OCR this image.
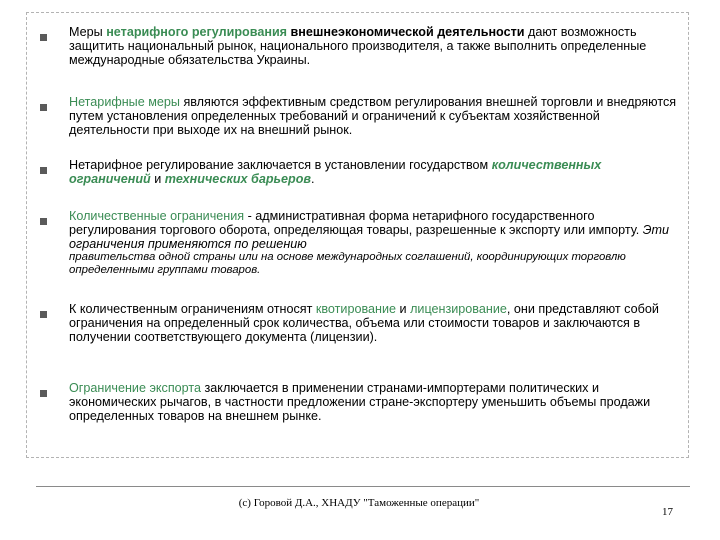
Меры нетарифного регулирования внешнеэкономической деятельности дают возможность защитить национальный рынок, национального производителя, а также выполнить определенные международные обязательства Украины.
Нетарифные меры являются эффективным средством регулирования внешней торговли и внедряются путем установления определенных требований и ограничений к субъектам хозяйственной деятельности при выходе их на внешний рынок.
Нетарифное регулирование заключается в установлении государством количественных ограничений и технических барьеров.
Количественные ограничения - административная форма нетарифного государственного регулирования торгового оборота, определяющая товары, разрешенные к экспорту или импорту. Эти ограничения применяются по решению
правительства одной страны или на основе международных соглашений, координирующих торговлю определенными группами товаров.
К количественным ограничениям относят квотирование и лицензирование, они представляют собой ограничения на определенный срок количества, объема или стоимости товаров и заключаются в получении соответствующего документа (лицензии).
Ограничение экспорта заключается в применении странами-импортерами политических и экономических рычагов, в частности предложении стране-экспортеру уменьшить объемы продажи определенных товаров на внешнем рынке.
(c) Горовой Д.А., ХНАДУ "Таможенные операции"
17
